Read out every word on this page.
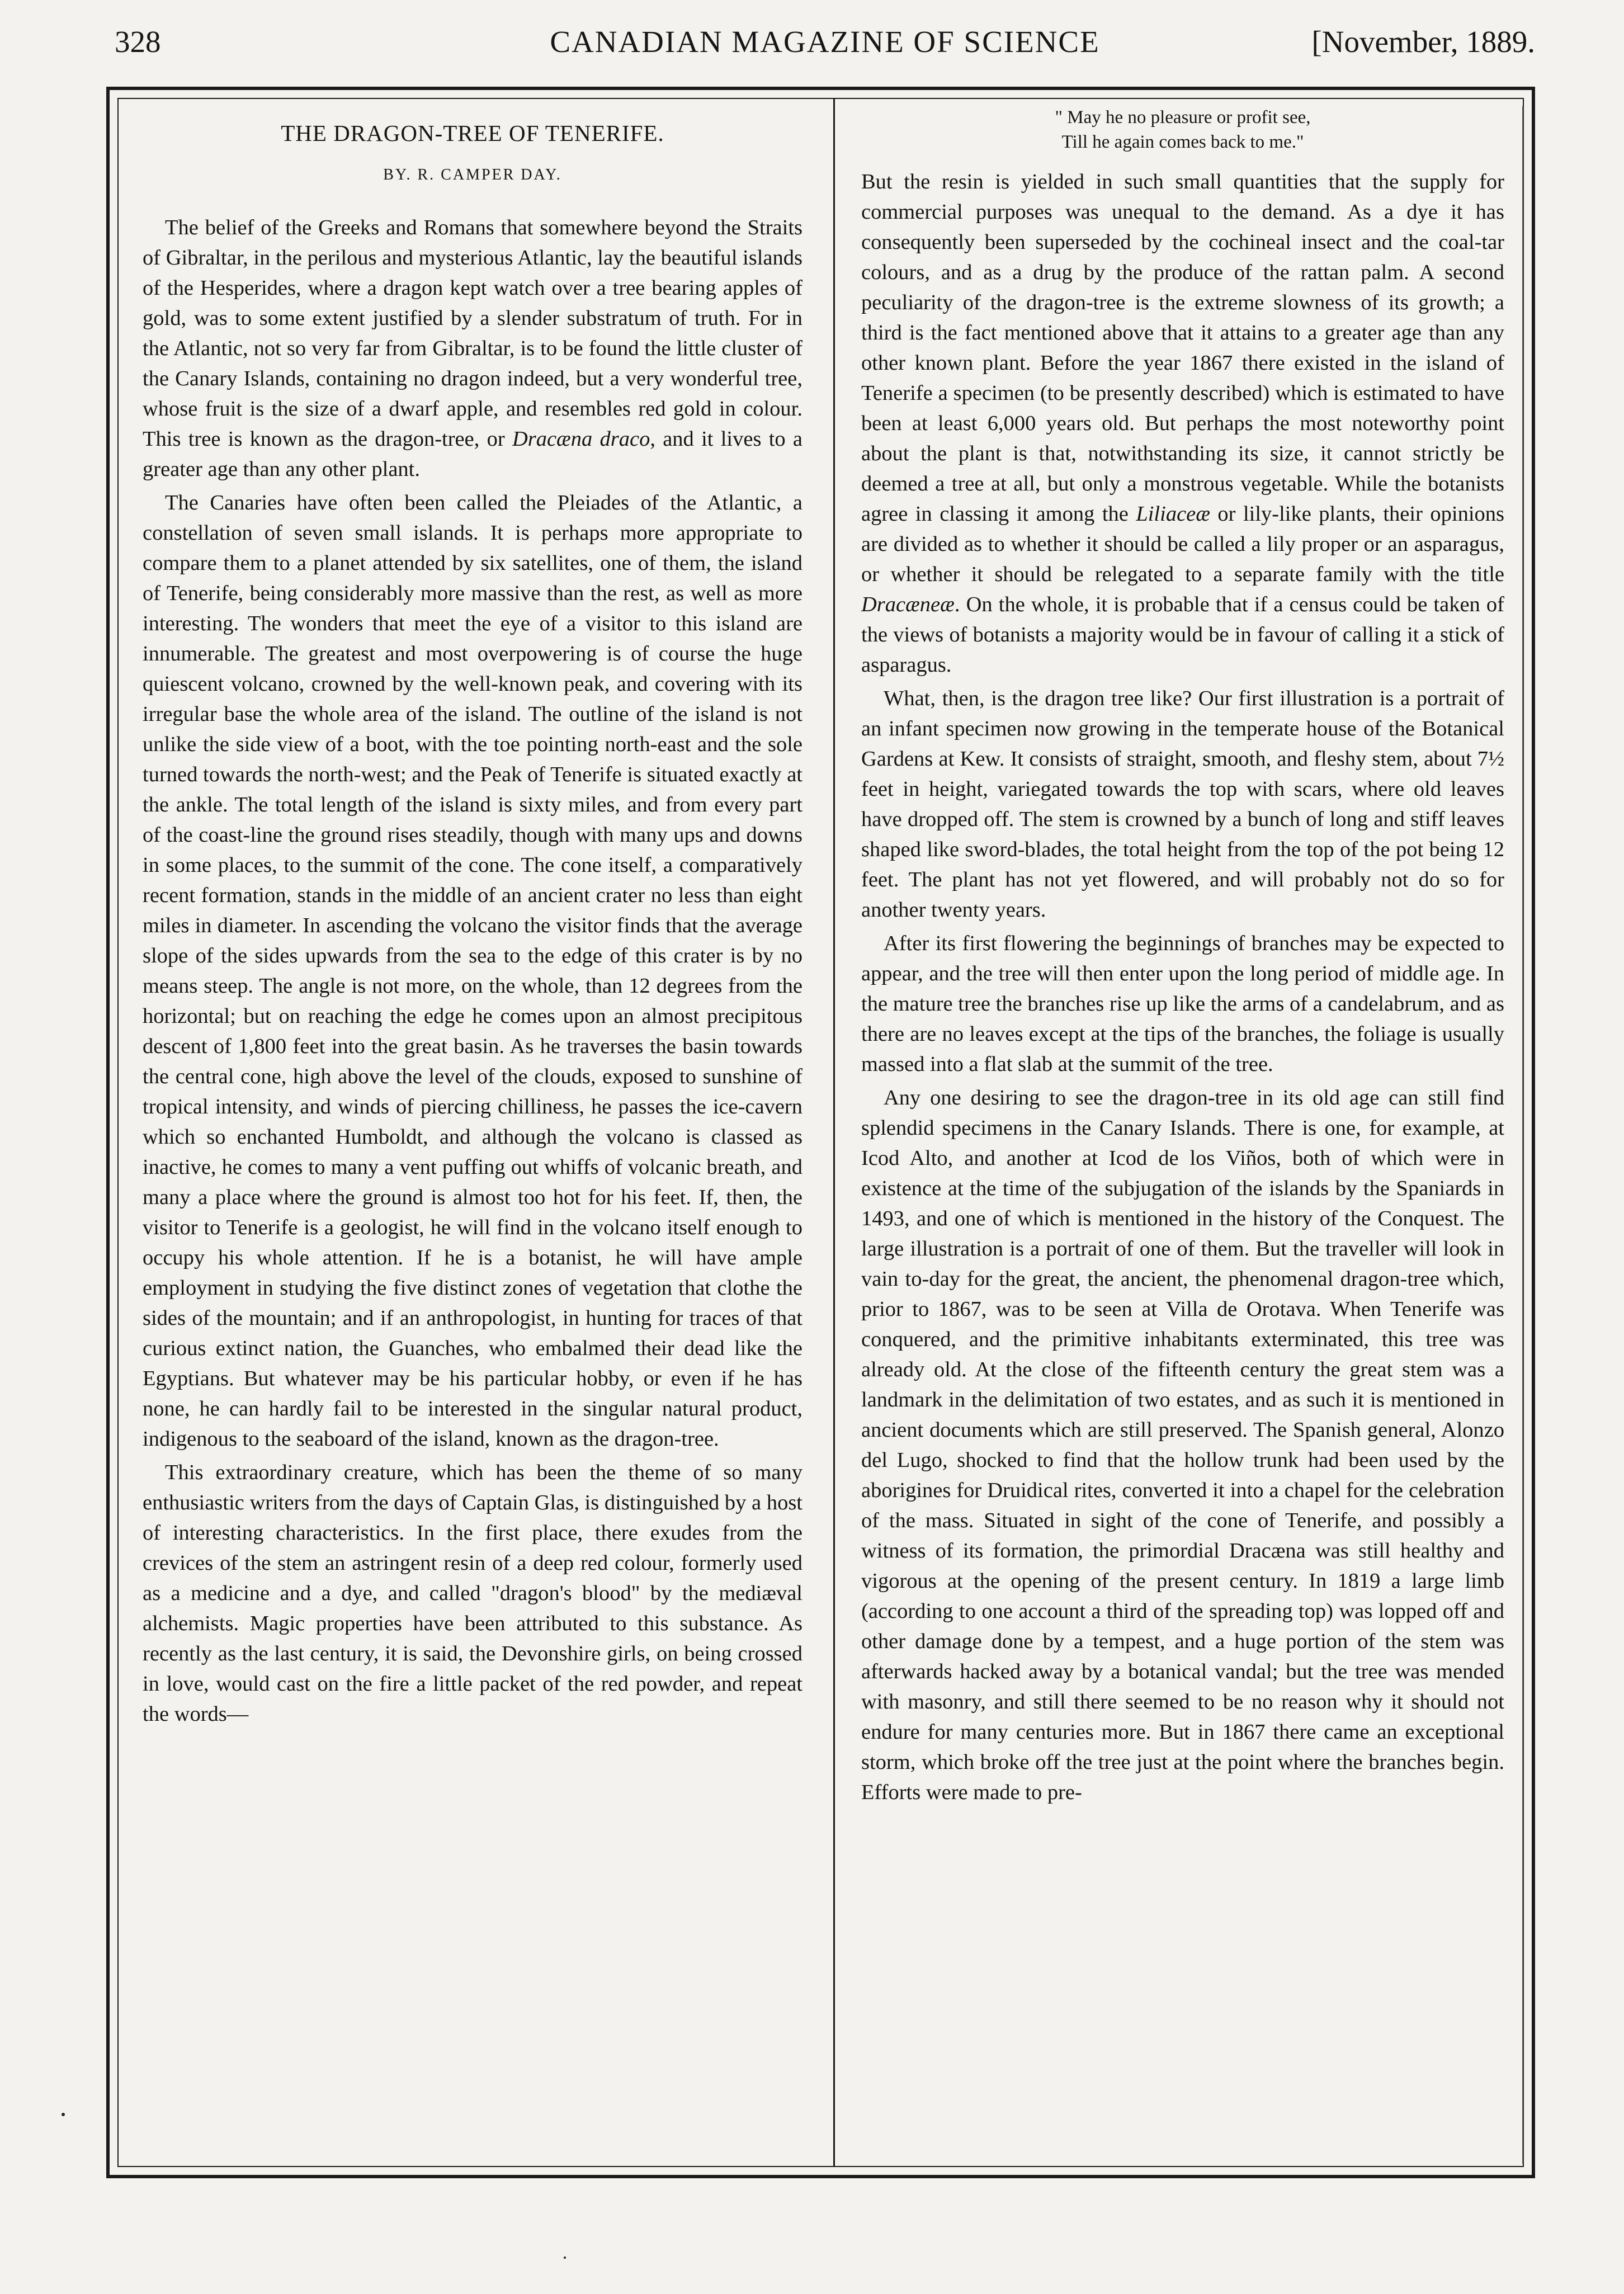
328	CANADIAN MAGAZINE OF SCIENCE	[November, 1889.
THE DRAGON-TREE OF TENERIFE.
BY. R. CAMPER DAY.

The belief of the Greeks and Romans that somewhere beyond the Straits of Gibraltar, in the perilous and mysterious Atlantic, lay the beautiful islands of the Hesperides, where a dragon kept watch over a tree bearing apples of gold, was to some extent justified by a slender substratum of truth. For in the Atlantic, not so very far from Gibraltar, is to be found the little cluster of the Canary Islands, containing no dragon indeed, but a very wonderful tree, whose fruit is the size of a dwarf apple, and resembles red gold in colour. This tree is known as the dragon-tree, or Dracæna draco, and it lives to a greater age than any other plant.

The Canaries have often been called the Pleiades of the Atlantic, a constellation of seven small islands. It is perhaps more appropriate to compare them to a planet attended by six satellites, one of them, the island of Tenerife, being considerably more massive than the rest, as well as more interesting. The wonders that meet the eye of a visitor to this island are innumerable. The greatest and most overpowering is of course the huge quiescent volcano, crowned by the well-known peak, and covering with its irregular base the whole area of the island. The outline of the island is not unlike the side view of a boot, with the toe pointing north-east and the sole turned towards the north-west; and the Peak of Tenerife is situated exactly at the ankle. The total length of the island is sixty miles, and from every part of the coast-line the ground rises steadily, though with many ups and downs in some places, to the summit of the cone. The cone itself, a comparatively recent formation, stands in the middle of an ancient crater no less than eight miles in diameter. In ascending the volcano the visitor finds that the average slope of the sides upwards from the sea to the edge of this crater is by no means steep. The angle is not more, on the whole, than 12 degrees from the horizontal; but on reaching the edge he comes upon an almost precipitous descent of 1,800 feet into the great basin. As he traverses the basin towards the central cone, high above the level of the clouds, exposed to sunshine of tropical intensity, and winds of piercing chilliness, he passes the ice-cavern which so enchanted Humboldt, and although the volcano is classed as inactive, he comes to many a vent puffing out whiffs of volcanic breath, and many a place where the ground is almost too hot for his feet. If, then, the visitor to Tenerife is a geologist, he will find in the volcano itself enough to occupy his whole attention. If he is a botanist, he will have ample employment in studying the five distinct zones of vegetation that clothe the sides of the mountain; and if an anthropologist, in hunting for traces of that curious extinct nation, the Guanches, who embalmed their dead like the Egyptians. But whatever may be his particular hobby, or even if he has none, he can hardly fail to be interested in the singular natural product, indigenous to the seaboard of the island, known as the dragon-tree.

This extraordinary creature, which has been the theme of so many enthusiastic writers from the days of Captain Glas, is distinguished by a host of interesting characteristics. In the first place, there exudes from the crevices of the stem an astringent resin of a deep red colour, formerly used as a medicine and a dye, and called "dragon's blood" by the mediæval alchemists. Magic properties have been attributed to this substance. As recently as the last century, it is said, the Devonshire girls, on being crossed in love, would cast on the fire a little packet of the red powder, and repeat the words—

" May he no pleasure or profit see,
Till he again comes back to me."

But the resin is yielded in such small quantities that the supply for commercial purposes was unequal to the demand. As a dye it has consequently been superseded by the cochineal insect and the coal-tar colours, and as a drug by the produce of the rattan palm. A second peculiarity of the dragon-tree is the extreme slowness of its growth; a third is the fact mentioned above that it attains to a greater age than any other known plant. Before the year 1867 there existed in the island of Tenerife a specimen (to be presently described) which is estimated to have been at least 6,000 years old. But perhaps the most noteworthy point about the plant is that, notwithstanding its size, it cannot strictly be deemed a tree at all, but only a monstrous vegetable. While the botanists agree in classing it among the Liliaceæ or lily-like plants, their opinions are divided as to whether it should be called a lily proper or an asparagus, or whether it should be relegated to a separate family with the title Dracæneæ. On the whole, it is probable that if a census could be taken of the views of botanists a majority would be in favour of calling it a stick of asparagus.

What, then, is the dragon tree like? Our first illustration is a portrait of an infant specimen now growing in the temperate house of the Botanical Gardens at Kew. It consists of straight, smooth, and fleshy stem, about 7½ feet in height, variegated towards the top with scars, where old leaves have dropped off. The stem is crowned by a bunch of long and stiff leaves shaped like sword-blades, the total height from the top of the pot being 12 feet. The plant has not yet flowered, and will probably not do so for another twenty years.

After its first flowering the beginnings of branches may be expected to appear, and the tree will then enter upon the long period of middle age. In the mature tree the branches rise up like the arms of a candelabrum, and as there are no leaves except at the tips of the branches, the foliage is usually massed into a flat slab at the summit of the tree.

Any one desiring to see the dragon-tree in its old age can still find splendid specimens in the Canary Islands. There is one, for example, at Icod Alto, and another at Icod de los Viños, both of which were in existence at the time of the subjugation of the islands by the Spaniards in 1493, and one of which is mentioned in the history of the Conquest. The large illustration is a portrait of one of them. But the traveller will look in vain to-day for the great, the ancient, the phenomenal dragon-tree which, prior to 1867, was to be seen at Villa de Orotava. When Tenerife was conquered, and the primitive inhabitants exterminated, this tree was already old. At the close of the fifteenth century the great stem was a landmark in the delimitation of two estates, and as such it is mentioned in ancient documents which are still preserved. The Spanish general, Alonzo del Lugo, shocked to find that the hollow trunk had been used by the aborigines for Druidical rites, converted it into a chapel for the celebration of the mass. Situated in sight of the cone of Tenerife, and possibly a witness of its formation, the primordial Dracæna was still healthy and vigorous at the opening of the present century. In 1819 a large limb (according to one account a third of the spreading top) was lopped off and other damage done by a tempest, and a huge portion of the stem was afterwards hacked away by a botanical vandal; but the tree was mended with masonry, and still there seemed to be no reason why it should not endure for many centuries more. But in 1867 there came an exceptional storm, which broke off the tree just at the point where the branches begin. Efforts were made to pre-
